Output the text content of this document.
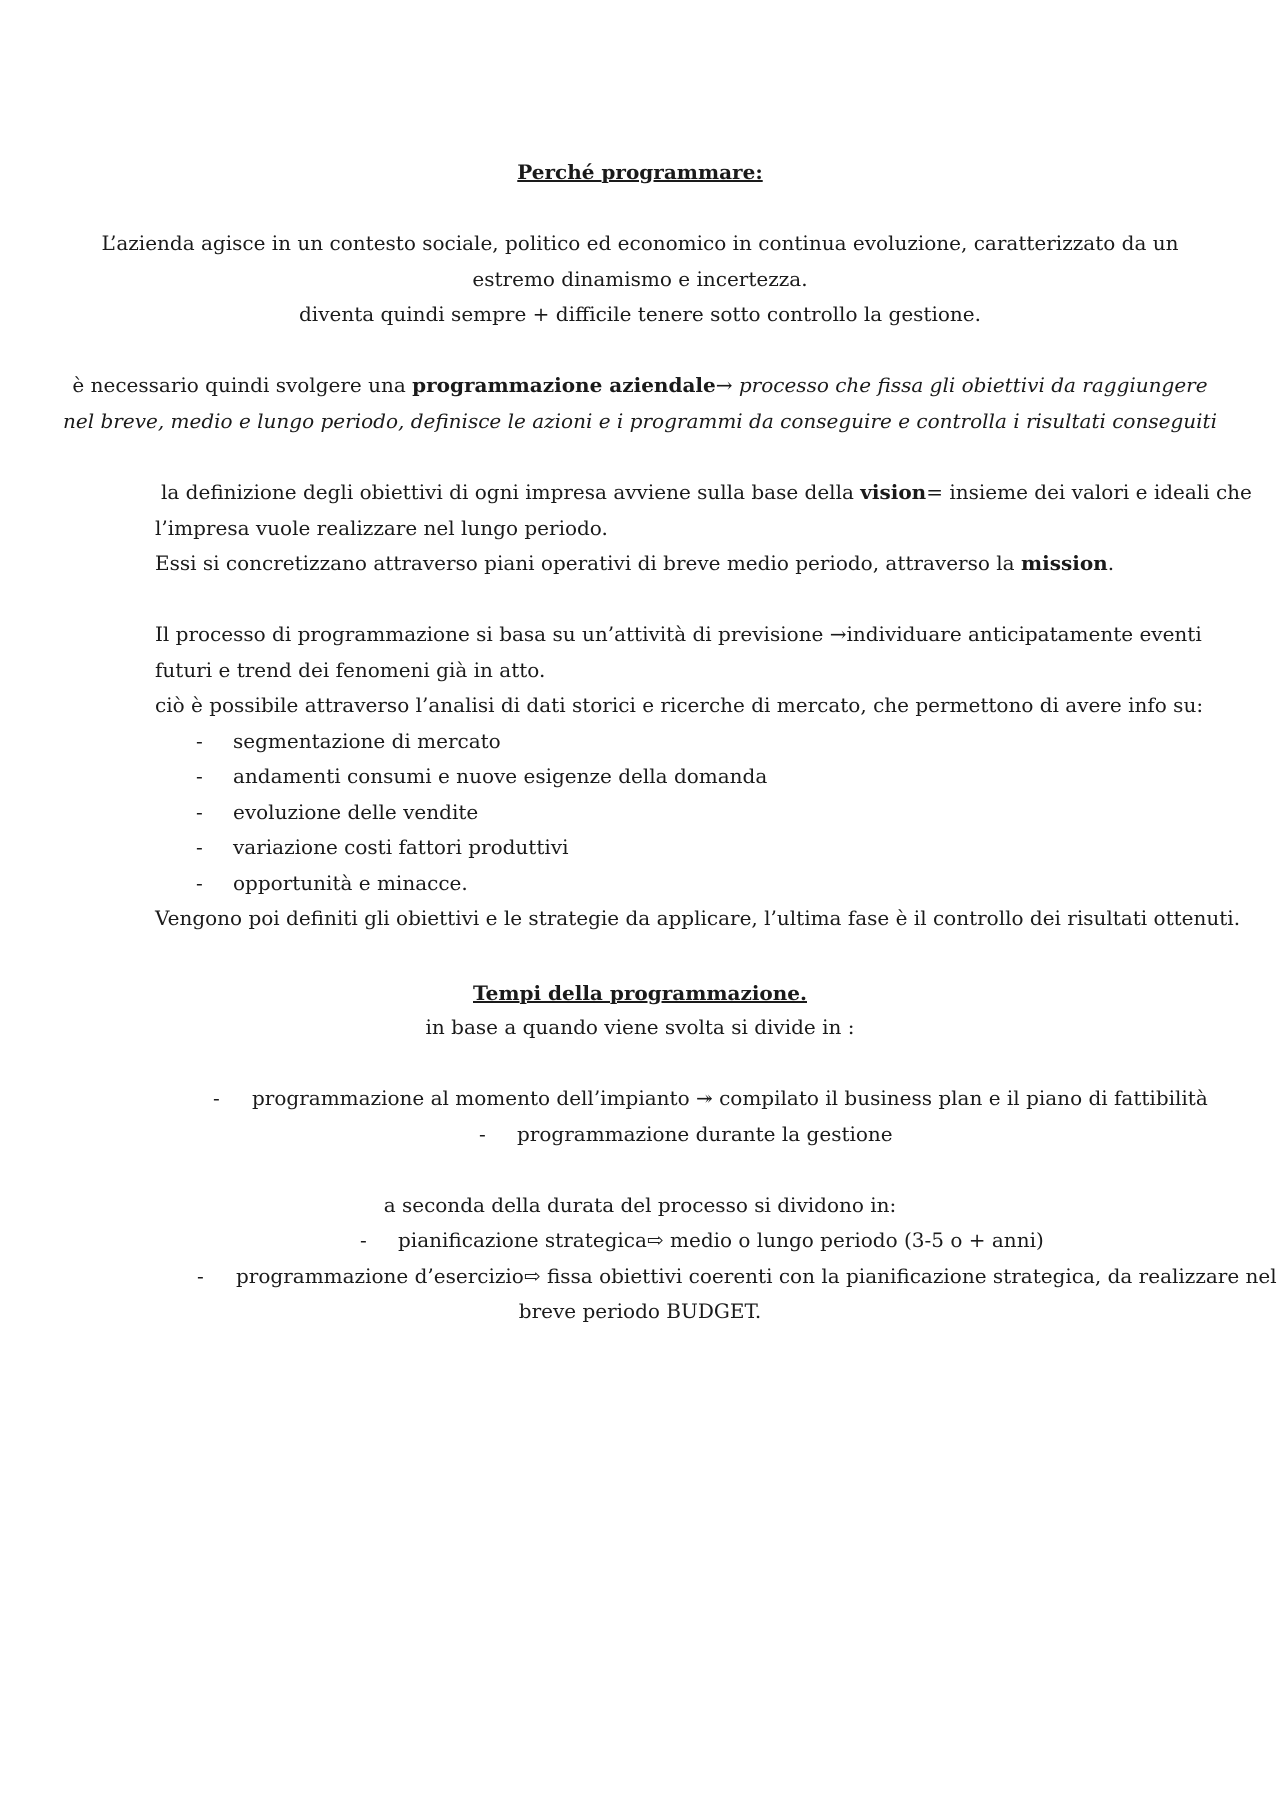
Perché programmare:
L’azienda agisce in un contesto sociale, politico ed economico in continua evoluzione, caratterizzato da un
estremo dinamismo e incertezza.
diventa quindi sempre + difficile tenere sotto controllo la gestione.
è necessario quindi svolgere una programmazione aziendale→ processo che fissa gli obiettivi da raggiungere
nel breve, medio e lungo periodo, definisce le azioni e i programmi da conseguire e controlla i risultati conseguiti
la definizione degli obiettivi di ogni impresa avviene sulla base della vision= insieme dei valori e ideali che
l’impresa vuole realizzare nel lungo periodo.
Essi si concretizzano attraverso piani operativi di breve medio periodo, attraverso la mission.
Il processo di programmazione si basa su un’attività di previsione →individuare anticipatamente eventi
futuri e trend dei fenomeni già in atto.
ciò è possibile attraverso l’analisi di dati storici e ricerche di mercato, che permettono di avere info su:
- segmentazione di mercato
- andamenti consumi e nuove esigenze della domanda
- evoluzione delle vendite
- variazione costi fattori produttivi
- opportunità e minacce.
Vengono poi definiti gli obiettivi e le strategie da applicare, l’ultima fase è il controllo dei risultati ottenuti.
Tempi della programmazione.
in base a quando viene svolta si divide in :
- programmazione al momento dell’impianto ↠ compilato il business plan e il piano di fattibilità
- programmazione durante la gestione
a seconda della durata del processo si dividono in:
- pianificazione strategica⇨ medio o lungo periodo (3-5 o + anni)
- programmazione d’esercizio⇨ fissa obiettivi coerenti con la pianificazione strategica, da realizzare nel
breve periodo BUDGET.
